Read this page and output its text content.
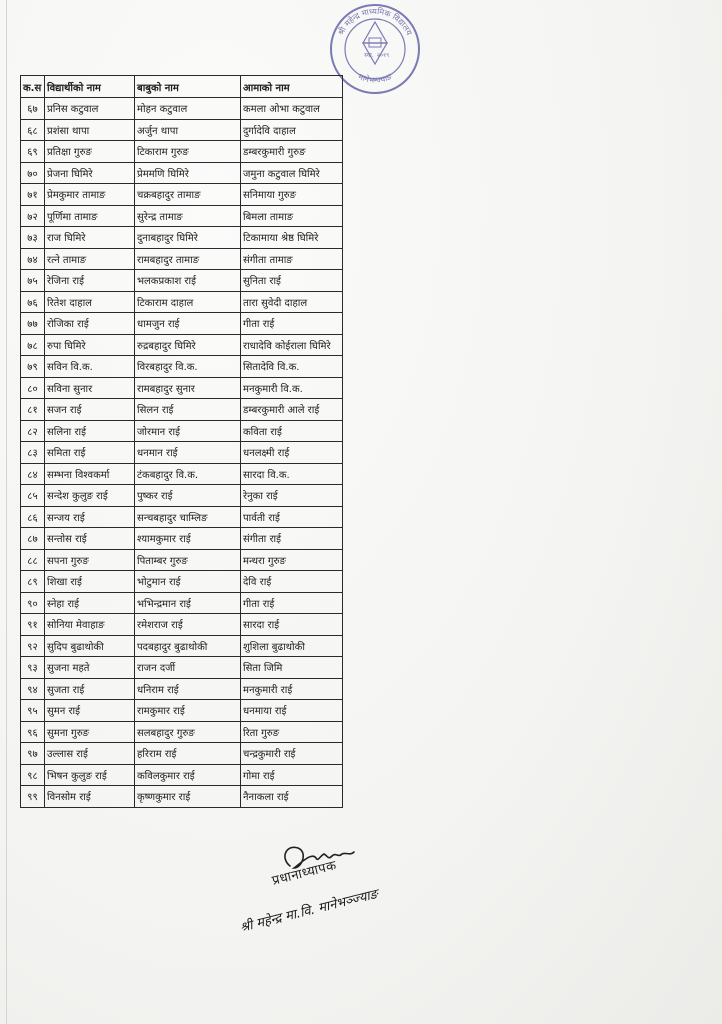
श्री महेन्द्र माध्यमिक विद्यालय
मानेभन्ज्याङ
स्था. २०१९
क.स	विद्यार्थीको नाम	बाबुको नाम	आमाको नाम
६७	प्रनिस कटुवाल	मोहन कटुवाल	कमला ओभा कटुवाल
६८	प्रशंसा थापा	अर्जुन थापा	दुर्गादेवि दाहाल
६९	प्रतिक्षा गुरुङ	टिकाराम गुरुङ	डम्बरकुमारी गुरुङ
७०	प्रेजना घिमिरे	प्रेममणि घिमिरे	जमुना कटुवाल घिमिरे
७१	प्रेमकुमार तामाङ	चक्रबहादुर तामाङ	सनिमाया गुरुङ
७२	पूर्णिमा तामाङ	सुरेन्द्र तामाङ	बिमला तामाङ
७३	राज घिमिरे	दुनाबहादुर घिमिरे	टिकामाया श्रेष्ठ घिमिरे
७४	रत्ने तामाङ	रामबहादुर तामाङ	संगीता तामाङ
७५	रेजिना राई	भलकप्रकाश राई	सुनिता राई
७६	रितेश दाहाल	टिकाराम दाहाल	तारा सुवेदी दाहाल
७७	रोजिका राई	धामजुन राई	गीता राई
७८	रुपा घिमिरे	रुद्रबहादुर घिमिरे	राधादेवि कोईराला घिमिरे
७९	सविन वि.क.	विरबहादुर वि.क.	सितादेवि वि.क.
८०	सविना सुनार	रामबहादुर सुनार	मनकुमारी वि.क.
८१	सजन राई	सिलन राई	डम्बरकुमारी आले राई
८२	सलिना राई	जोरमान राई	कविता राई
८३	समिता राई	धनमान राई	धनलक्ष्मी राई
८४	सम्भना विश्वकर्मा	टंकबहादुर वि.क.	सारदा वि.क.
८५	सन्देश कुलुङ राई	पुष्कर राई	रेनुका राई
८६	सन्जय राई	सन्चबहादुर चाम्लिङ	पार्वती राई
८७	सन्तोस राई	श्यामकुमार राई	संगीता राई
८८	सपना गुरुङ	पिताम्बर गुरुङ	मन्थरा गुरुङ
८९	शिखा राई	भोटुमान राई	देवि राई
९०	स्नेहा राई	भभिन्द्रमान राई	गीता राई
९१	सोनिया मेवाहाङ	रमेशराज राई	सारदा राई
९२	सुदिप बुढाथोकी	पदबहादुर बुढाथोकी	शुशिला बुढाथोकी
९३	सुजना महते	राजन दर्जी	सिता जिमि
९४	सुजता राई	धनिराम राई	मनकुमारी राई
९५	सुमन राई	रामकुमार राई	धनमाया राई
९६	सुमना गुरुङ	सलबहादुर गुरुङ	रिता गुरुङ
९७	उल्लास राई	हरिराम राई	चन्द्रकुमारी राई
९८	भिषन कुलुङ राई	कविलकुमार राई	गोमा राई
९९	विनसोम राई	कृष्णकुमार राई	नैनाकला राई
प्रधानाध्यापक
श्री महेन्द्र मा.वि. मानेभञ्ज्याङ
